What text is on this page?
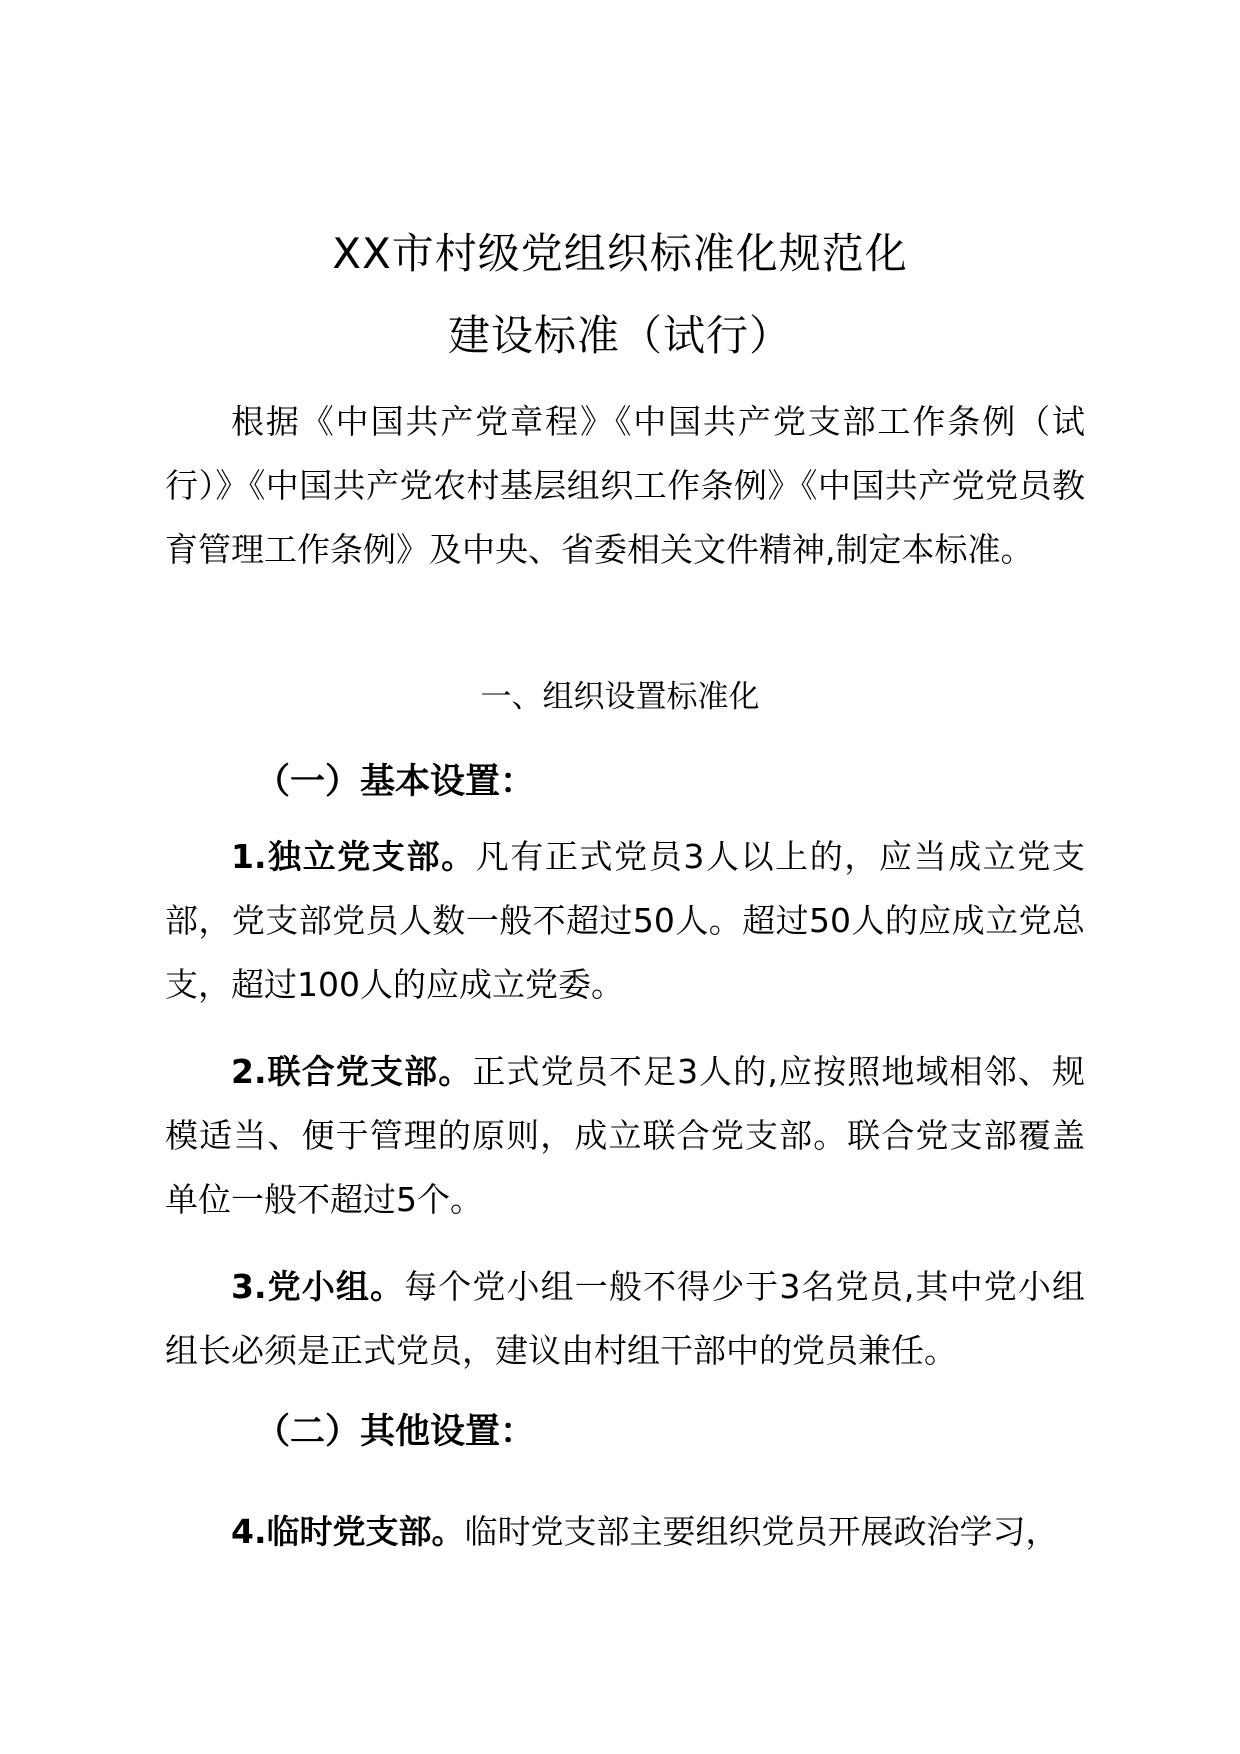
XX市村级党组织标准化规范化
建设标准（试行）

根据《中国共产党章程》《中国共产党支部工作条例（试行）》《中国共产党农村基层组织工作条例》《中国共产党党员教育管理工作条例》及中央、省委相关文件精神,制定本标准。

一、组织设置标准化
（一）基本设置：

1.独立党支部。凡有正式党员3人以上的，应当成立党支部，党支部党员人数一般不超过50人。超过50人的应成立党总支，超过100人的应成立党委。

2.联合党支部。正式党员不足3人的,应按照地域相邻、规模适当、便于管理的原则，成立联合党支部。联合党支部覆盖单位一般不超过5个。

3.党小组。每个党小组一般不得少于3名党员,其中党小组组长必须是正式党员，建议由村组干部中的党员兼任。

（二）其他设置：

4.临时党支部。临时党支部主要组织党员开展政治学习，
